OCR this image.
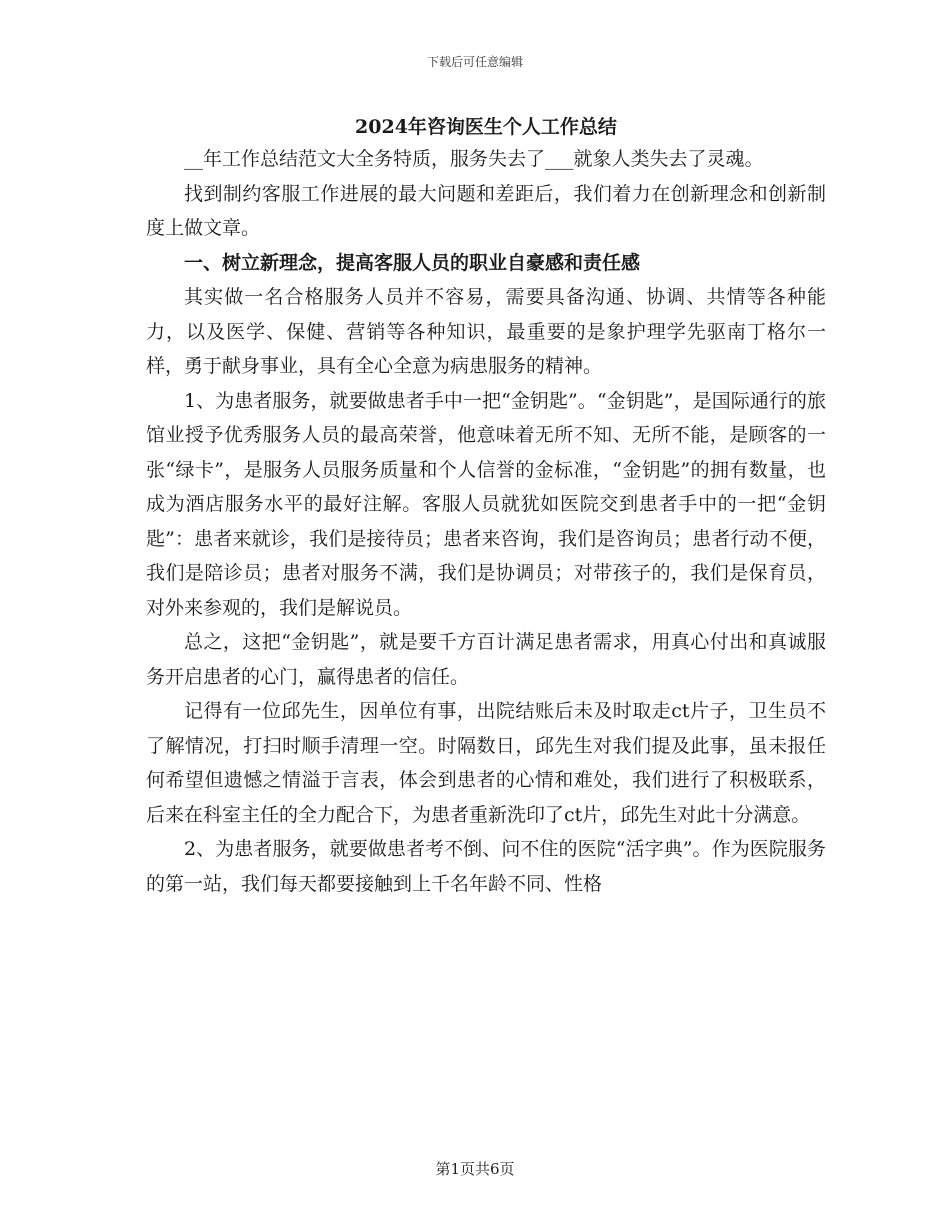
下载后可任意编辑
2024年咨询医生个人工作总结

__年工作总结范文大全务特质，服务失去了___就象人类失去了灵魂。

找到制约客服工作进展的最大问题和差距后，我们着力在创新理念和创新制度上做文章。

一、树立新理念，提高客服人员的职业自豪感和责任感

其实做一名合格服务人员并不容易，需要具备沟通、协调、共情等各种能力，以及医学、保健、营销等各种知识，最重要的是象护理学先驱南丁格尔一样，勇于献身事业，具有全心全意为病患服务的精神。

1、为患者服务，就要做患者手中一把“金钥匙”。“金钥匙”，是国际通行的旅馆业授予优秀服务人员的最高荣誉，他意味着无所不知、无所不能，是顾客的一张“绿卡”，是服务人员服务质量和个人信誉的金标准，“金钥匙”的拥有数量，也成为酒店服务水平的最好注解。客服人员就犹如医院交到患者手中的一把“金钥匙”：患者来就诊，我们是接待员；患者来咨询，我们是咨询员；患者行动不便，我们是陪诊员；患者对服务不满，我们是协调员；对带孩子的，我们是保育员，对外来参观的，我们是解说员。

总之，这把“金钥匙”，就是要千方百计满足患者需求，用真心付出和真诚服务开启患者的心门，赢得患者的信任。

记得有一位邱先生，因单位有事，出院结账后未及时取走ct片子，卫生员不了解情况，打扫时顺手清理一空。时隔数日，邱先生对我们提及此事，虽未报任何希望但遗憾之情溢于言表，体会到患者的心情和难处，我们进行了积极联系，后来在科室主任的全力配合下，为患者重新洗印了ct片，邱先生对此十分满意。

2、为患者服务，就要做患者考不倒、问不住的医院“活字典”。作为医院服务的第一站，我们每天都要接触到上千名年龄不同、性格

第1页共6页
